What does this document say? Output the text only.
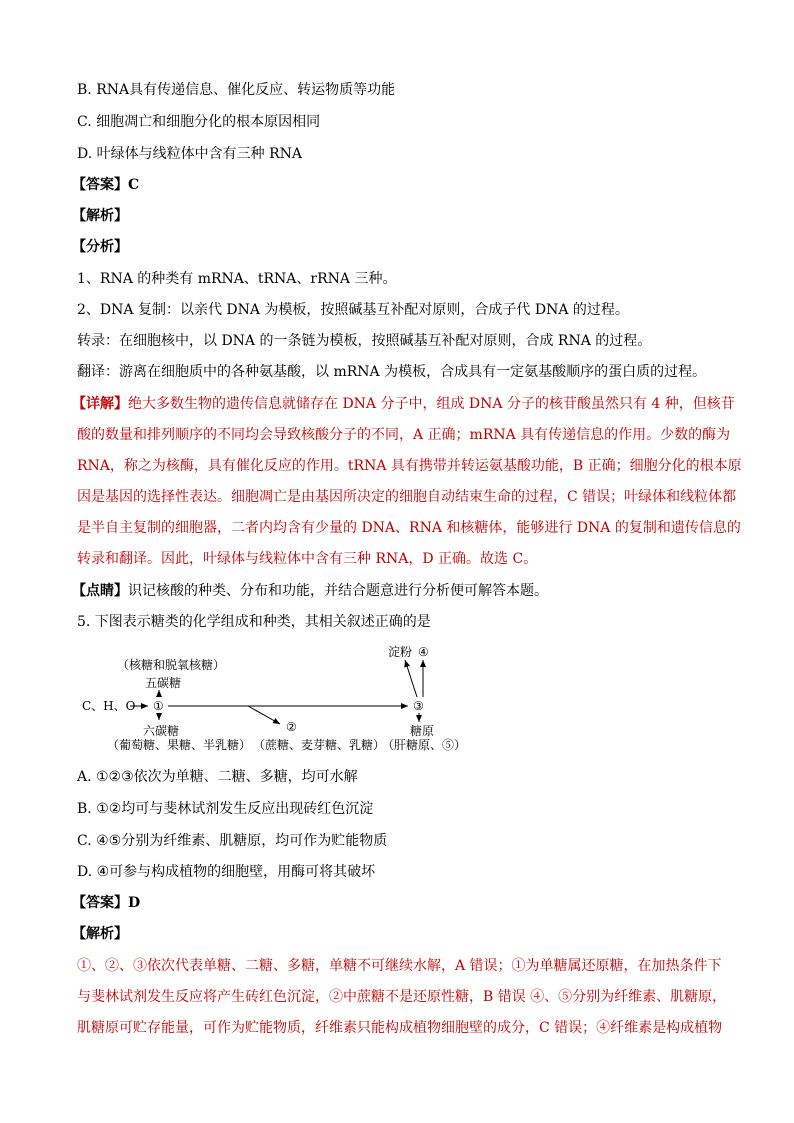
B. RNA具有传递信息、催化反应、转运物质等功能
C. 细胞凋亡和细胞分化的根本原因相同
D. 叶绿体与线粒体中含有三种 RNA
【答案】C
【解析】
【分析】
1、RNA 的种类有 mRNA、tRNA、rRNA 三种。
2、DNA 复制：以亲代 DNA 为模板，按照碱基互补配对原则，合成子代 DNA 的过程。
转录：在细胞核中，以 DNA 的一条链为模板，按照碱基互补配对原则，合成 RNA 的过程。
翻译：游离在细胞质中的各种氨基酸，以 mRNA 为模板，合成具有一定氨基酸顺序的蛋白质的过程。
【详解】绝大多数生物的遗传信息就储存在 DNA 分子中，组成 DNA 分子的核苷酸虽然只有 4 种，但核苷
酸的数量和排列顺序的不同均会导致核酸分子的不同，A 正确；mRNA 具有传递信息的作用。少数的酶为
RNA，称之为核酶，具有催化反应的作用。tRNA 具有携带并转运氨基酸功能，B 正确；细胞分化的根本原
因是基因的选择性表达。细胞凋亡是由基因所决定的细胞自动结束生命的过程，C 错误；叶绿体和线粒体都
是半自主复制的细胞器，二者内均含有少量的 DNA、RNA 和核糖体，能够进行 DNA 的复制和遗传信息的
转录和翻译。因此，叶绿体与线粒体中含有三种 RNA，D 正确。故选 C。
【点睛】识记核酸的种类、分布和功能，并结合题意进行分析便可解答本题。
5. 下图表示糖类的化学组成和种类，其相关叙述正确的是
（核糖和脱氧核糖）
五碳糖
C、H、O ①
②
六碳糖
（葡萄糖、果糖、半乳糖） （蔗糖、麦芽糖、乳糖）
③
淀粉 ④
糖原
（肝糖原、⑤）
A. ①②③依次为单糖、二糖、多糖，均可水解
B. ①②均可与斐林试剂发生反应出现砖红色沉淀
C. ④⑤分别为纤维素、肌糖原，均可作为贮能物质
D. ④可参与构成植物的细胞壁，用酶可将其破坏
【答案】D
【解析】
①、②、③依次代表单糖、二糖、多糖，单糖不可继续水解，A 错误；①为单糖属还原糖，在加热条件下
与斐林试剂发生反应将产生砖红色沉淀，②中蔗糖不是还原性糖，B 错误 ④、⑤分别为纤维素、肌糖原，
肌糖原可贮存能量，可作为贮能物质，纤维素只能构成植物细胞壁的成分，C 错误；④纤维素是构成植物
